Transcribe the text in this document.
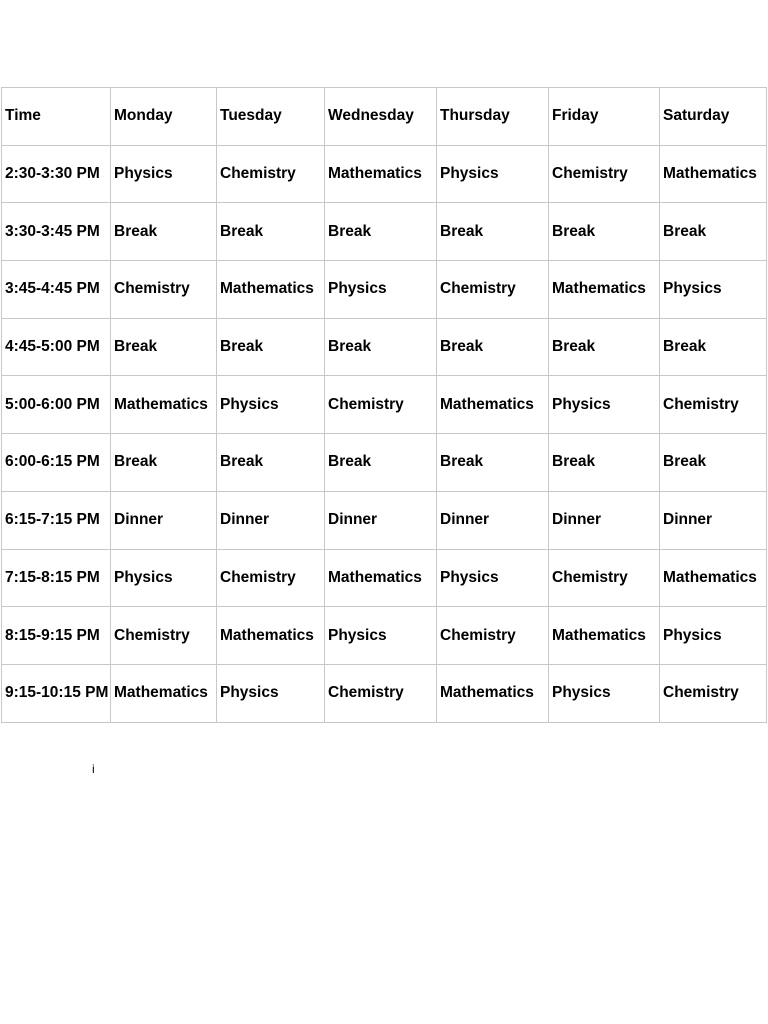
Time	Monday	Tuesday	Wednesday	Thursday	Friday	Saturday
2:30-3:30 PM	Physics	Chemistry	Mathematics	Physics	Chemistry	Mathematics
3:30-3:45 PM	Break	Break	Break	Break	Break	Break
3:45-4:45 PM	Chemistry	Mathematics	Physics	Chemistry	Mathematics	Physics
4:45-5:00 PM	Break	Break	Break	Break	Break	Break
5:00-6:00 PM	Mathematics	Physics	Chemistry	Mathematics	Physics	Chemistry
6:00-6:15 PM	Break	Break	Break	Break	Break	Break
6:15-7:15 PM	Dinner	Dinner	Dinner	Dinner	Dinner	Dinner
7:15-8:15 PM	Physics	Chemistry	Mathematics	Physics	Chemistry	Mathematics
8:15-9:15 PM	Chemistry	Mathematics	Physics	Chemistry	Mathematics	Physics
9:15-10:15 PM	Mathematics	Physics	Chemistry	Mathematics	Physics	Chemistry
i
